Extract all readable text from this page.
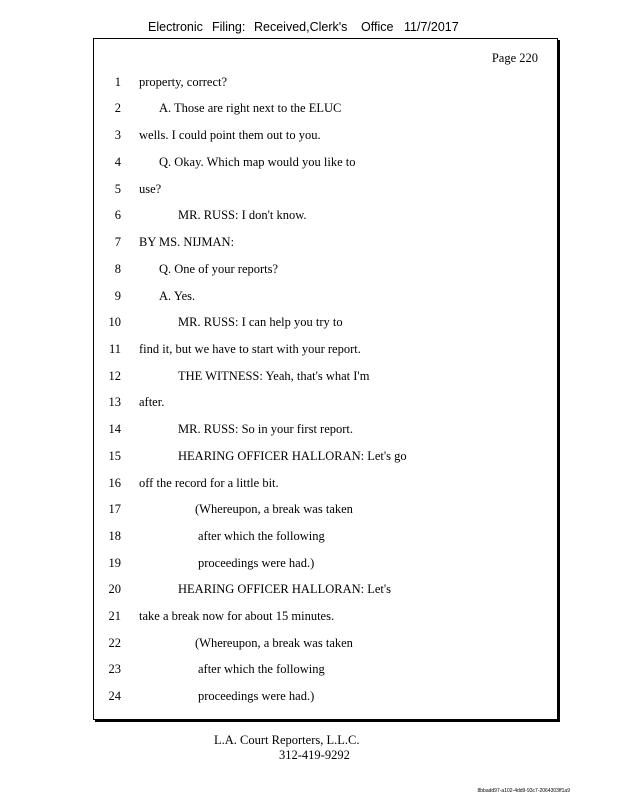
Electronic Filing: Received,Clerk's Office 11/7/2017
Page 220
1 property, correct?
2	A. Those are right next to the ELUC
3 wells. I could point them out to you.
4	Q. Okay. Which map would you like to
5 use?
6	MR. RUSS: I don't know.
7 BY MS. NIJMAN:
8	Q. One of your reports?
9	A. Yes.
10	MR. RUSS: I can help you try to
11 find it, but we have to start with your report.
12	THE WITNESS: Yeah, that's what I'm
13 after.
14	MR. RUSS: So in your first report.
15	HEARING OFFICER HALLORAN: Let's go
16 off the record for a little bit.
17	(Whereupon, a break was taken
18	after which the following
19	proceedings were had.)
20	HEARING OFFICER HALLORAN: Let's
21 take a break now for about 15 minutes.
22	(Whereupon, a break was taken
23	after which the following
24	proceedings were had.)
L.A. Court Reporters, L.L.C.
312-419-9292
8bbadd97-a102-4dd9-93c7-2064303ff1a9
